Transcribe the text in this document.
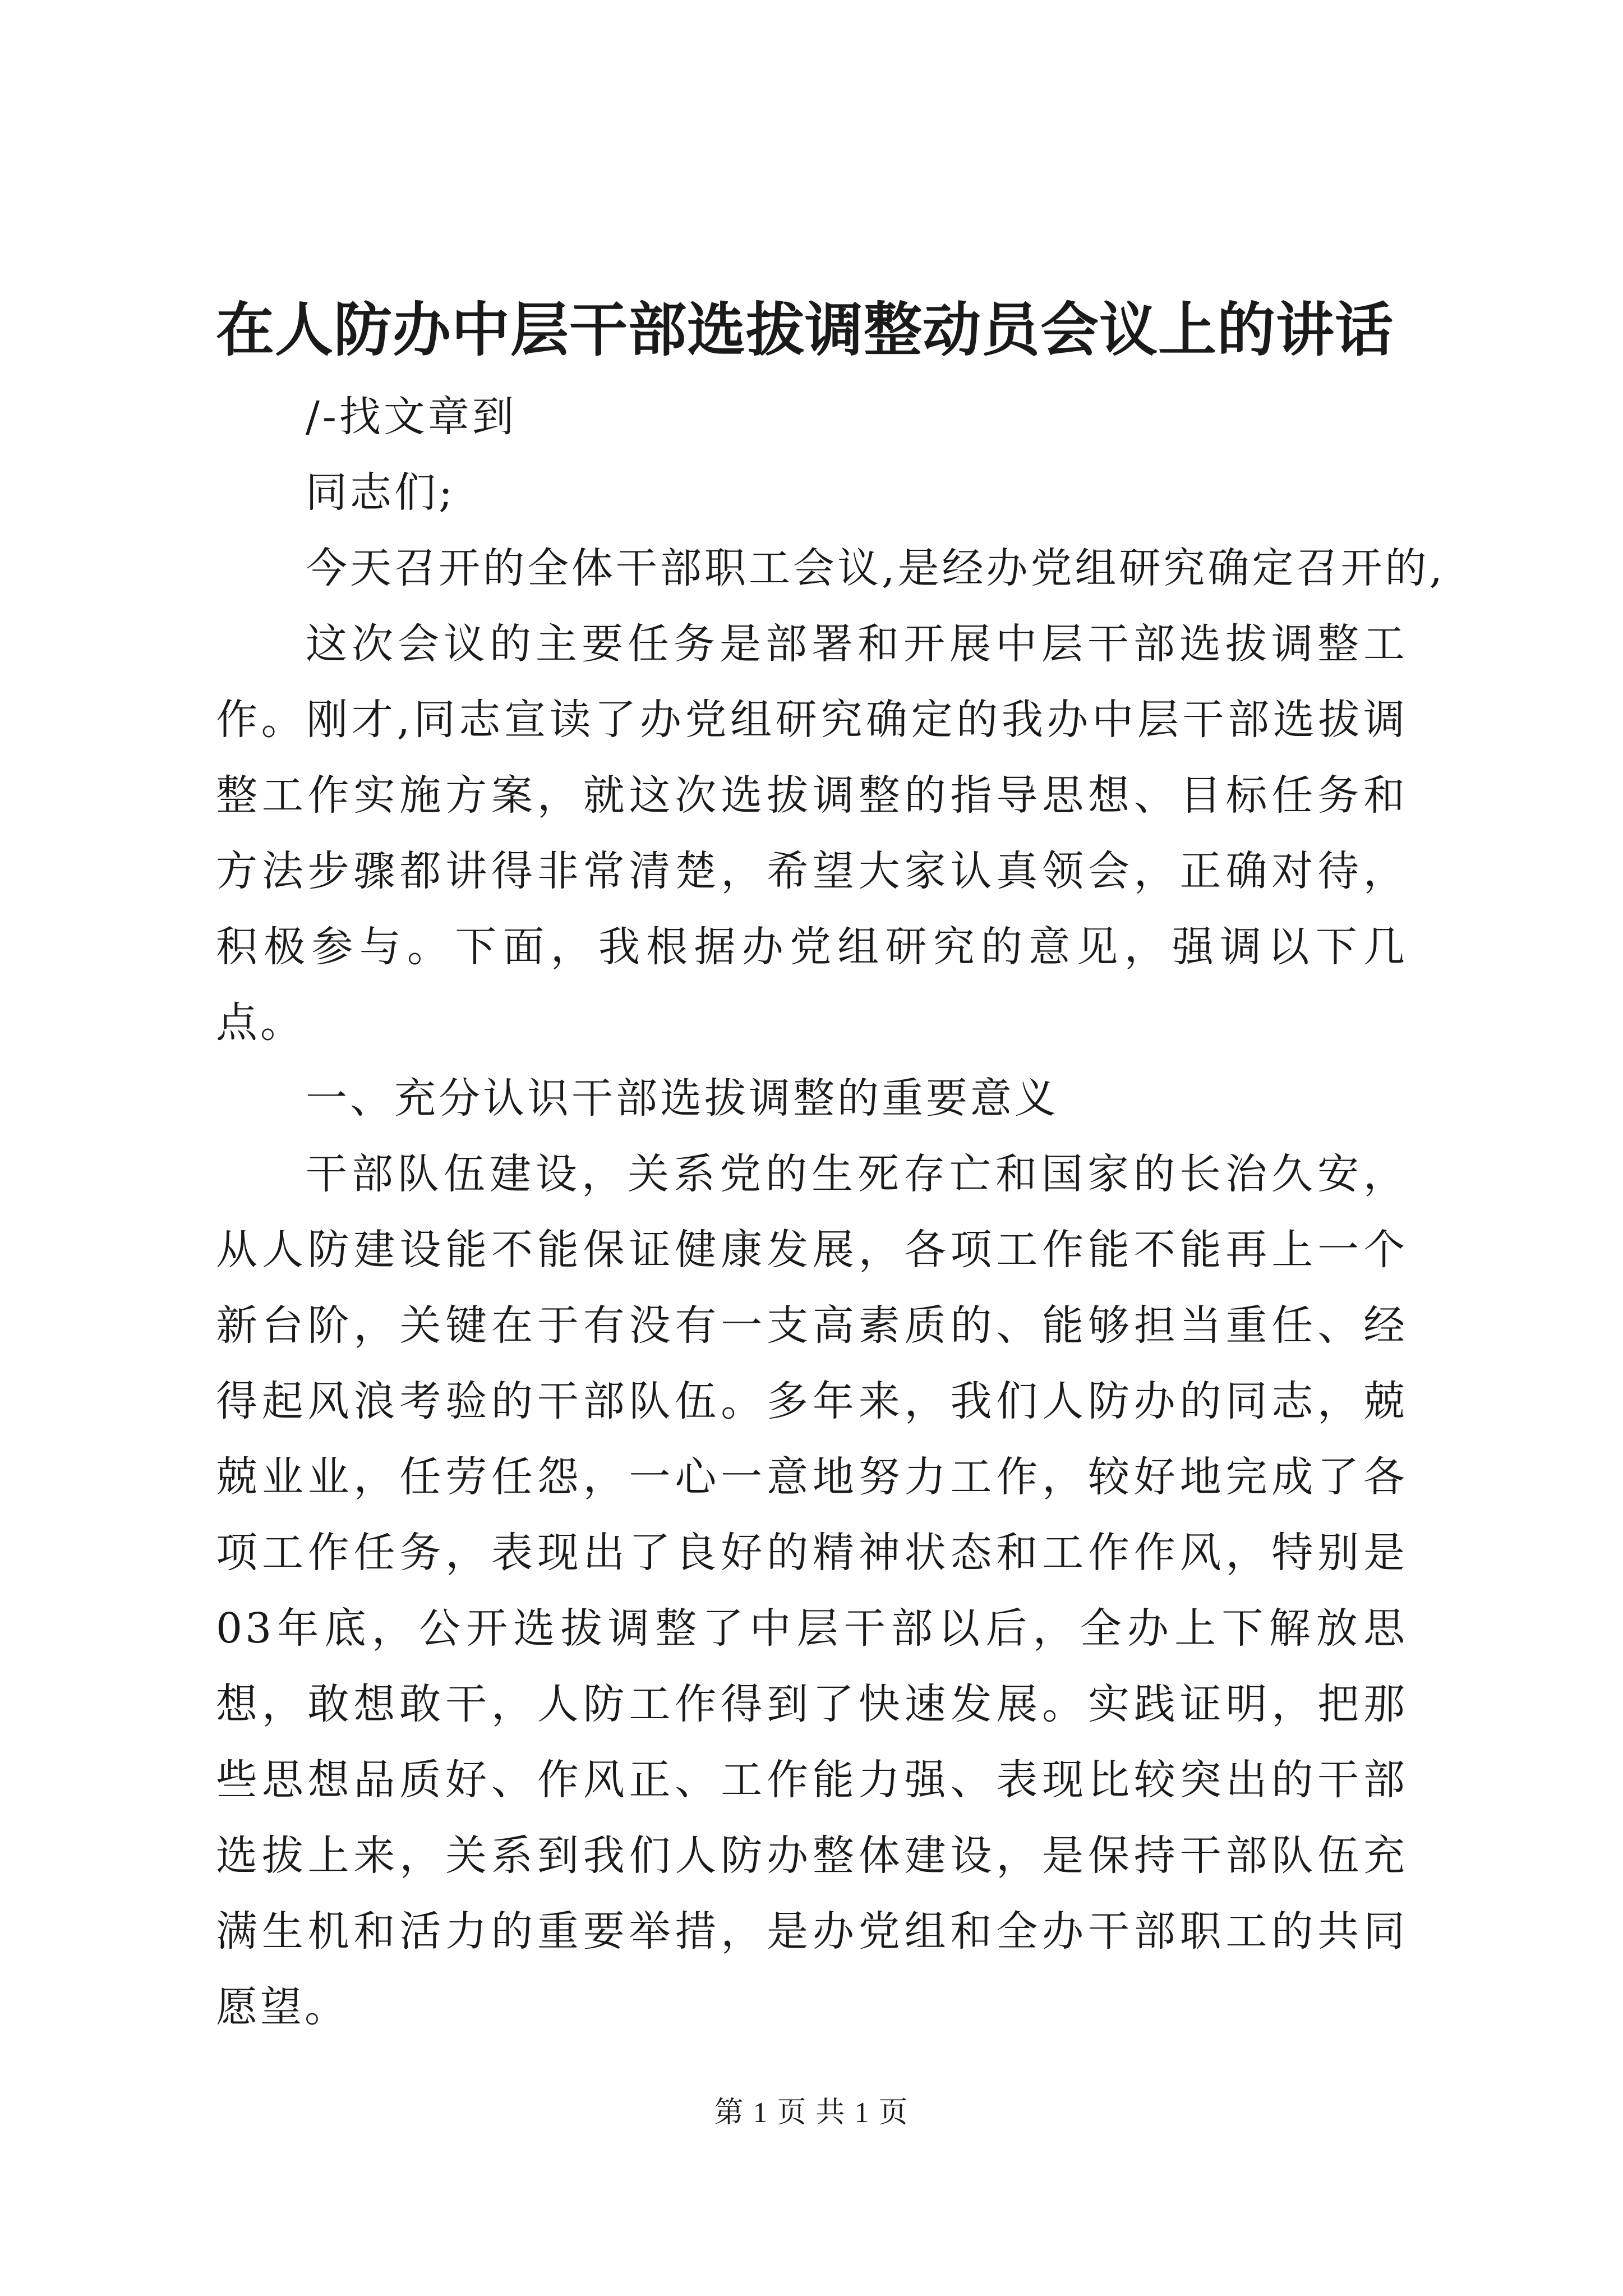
在人防办中层干部选拔调整动员会议上的讲话

/-找文章到

同志们;

今天召开的全体干部职工会议,是经办党组研究确定召开的,

这次会议的主要任务是部署和开展中层干部选拔调整工作。刚才,同志宣读了办党组研究确定的我办中层干部选拔调整工作实施方案，就这次选拔调整的指导思想、目标任务和方法步骤都讲得非常清楚，希望大家认真领会，正确对待，积极参与。下面，我根据办党组研究的意见，强调以下几点。

一、充分认识干部选拔调整的重要意义

干部队伍建设，关系党的生死存亡和国家的长治久安，从人防建设能不能保证健康发展，各项工作能不能再上一个新台阶，关键在于有没有一支高素质的、能够担当重任、经得起风浪考验的干部队伍。多年来，我们人防办的同志，兢兢业业，任劳任怨，一心一意地努力工作，较好地完成了各项工作任务，表现出了良好的精神状态和工作作风，特别是03年底，公开选拔调整了中层干部以后，全办上下解放思想，敢想敢干，人防工作得到了快速发展。实践证明，把那些思想品质好、作风正、工作能力强、表现比较突出的干部选拔上来，关系到我们人防办整体建设，是保持干部队伍充满生机和活力的重要举措，是办党组和全办干部职工的共同愿望。

第 1 页 共 1 页
